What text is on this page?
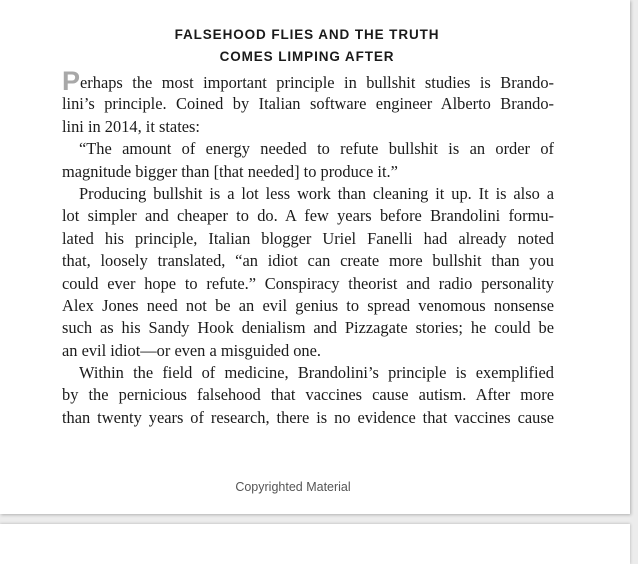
FALSEHOOD FLIES AND THE TRUTH
COMES LIMPING AFTER
Perhaps the most important principle in bullshit studies is Brando-
lini’s principle. Coined by Italian software engineer Alberto Brando-
lini in 2014, it states:
“The amount of energy needed to refute bullshit is an order of
magnitude bigger than [that needed] to produce it.”
Producing bullshit is a lot less work than cleaning it up. It is also a
lot simpler and cheaper to do. A few years before Brandolini formu-
lated his principle, Italian blogger Uriel Fanelli had already noted
that, loosely translated, “an idiot can create more bullshit than you
could ever hope to refute.” Conspiracy theorist and radio personality
Alex Jones need not be an evil genius to spread venomous nonsense
such as his Sandy Hook denialism and Pizzagate stories; he could be
an evil idiot—or even a misguided one.
Within the field of medicine, Brandolini’s principle is exemplified
by the pernicious falsehood that vaccines cause autism. After more
than twenty years of research, there is no evidence that vaccines cause
Copyrighted Material
